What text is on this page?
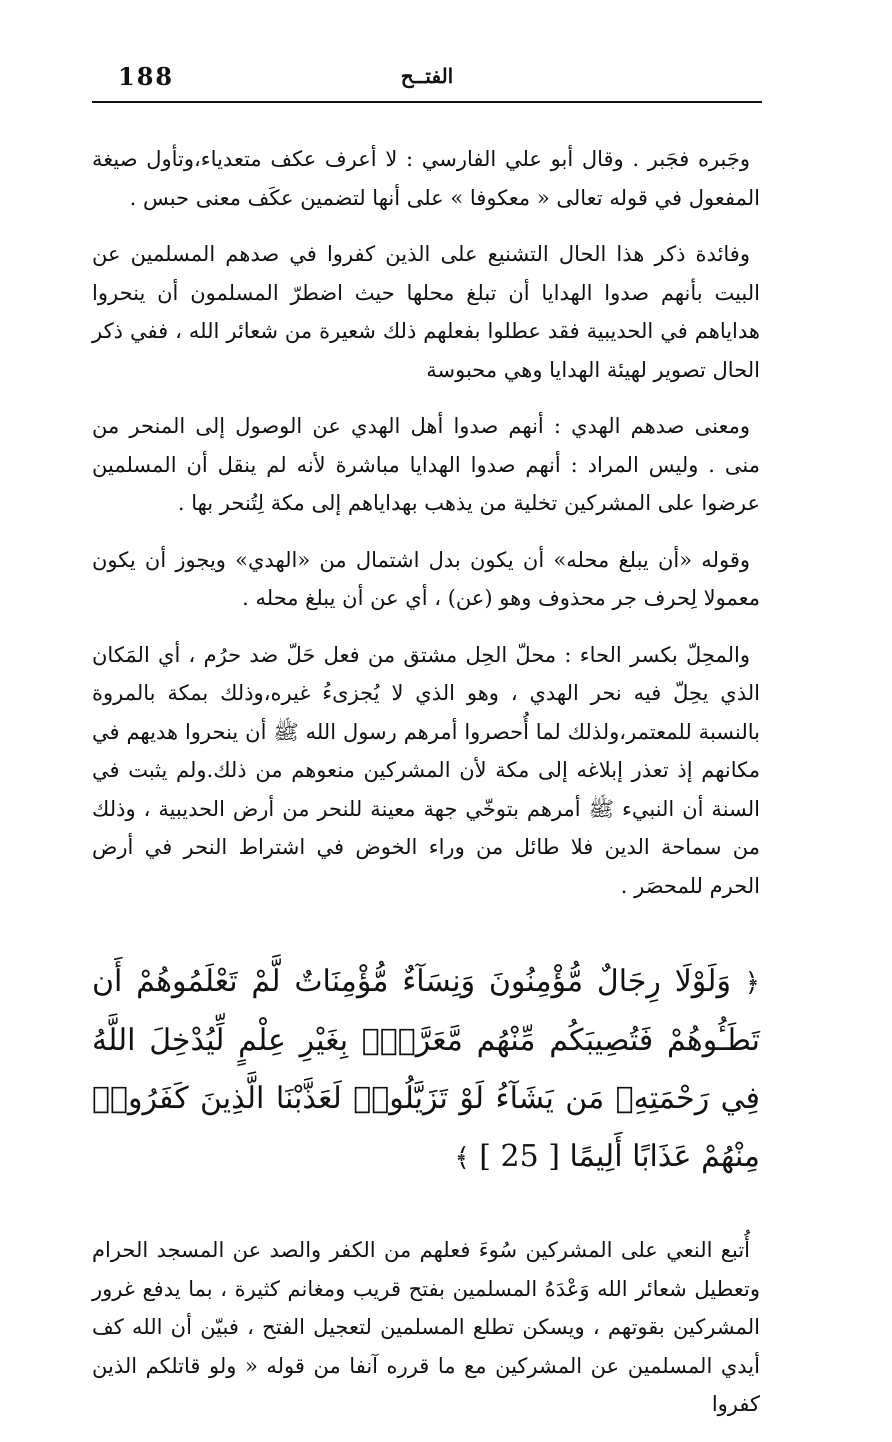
188	الفتــح

وجَبره فجَبر . وقال أبو علي الفارسي : لا أعرف عكف متعدياء،وتأول صيغة المفعول في قوله تعالى « معكوفا » على أنها لتضمين عكَف معنى حبس .

وفائدة ذكر هذا الحال التشنيع على الذين كفروا في صدهم المسلمين عن البيت بأنهم صدوا الهدايا أن تبلغ محلها حيث اضطرّ المسلمون أن ينحروا هداياهم في الحديبية فقد عطلوا بفعلهم ذلك شعيرة من شعائر الله ، ففي ذكر الحال تصوير لهيئة الهدايا وهي محبوسة

ومعنى صدهم الهدي : أنهم صدوا أهل الهدي عن الوصول إلى المنحر من منى . وليس المراد : أنهم صدوا الهدايا مباشرة لأنه لم ينقل أن المسلمين عرضوا على المشركين تخلية من يذهب بهداياهم إلى مكة لِتُنحر بها .

وقوله «أن يبلغ محله» أن يكون بدل اشتمال من «الهدي» ويجوز أن يكون معمولا لِحرف جر محذوف وهو (عن) ، أي عن أن يبلغ محله .

والمحِلّ بكسر الحاء : محلّ الحِل مشتق من فعل حَلّ ضد حرُم ، أي المَكان الذي يحِلّ فيه نحر الهدي ، وهو الذي لا يُجزىءُ غيره،وذلك بمكة بالمروة بالنسبة للمعتمر،ولذلك لما أُحصروا أمرهم رسول الله ﷺ أن ينحروا هديهم في مكانهم إذ تعذر إبلاغه إلى مكة لأن المشركين منعوهم من ذلك.ولم يثبت في السنة أن النبيء ﷺ أمرهم بتوخّي جهة معينة للنحر من أرض الحديبية ، وذلك من سماحة الدين فلا طائل من وراء الخوض في اشتراط النحر في أرض الحرم للمحصَر .

﴿ وَلَوْلَا رِجَالٌ مُّؤْمِنُونَ وَنِسَآءٌ مُّؤْمِنَاتٌ لَّمْ تَعْلَمُوهُمْ أَن تَطَـُٔوهُمْ فَتُصِيبَكُم مِّنْهُم مَّعَرَّةٌۢ بِغَيْرِ عِلْمٍ لِّيُدْخِلَ اللَّهُ فِي رَحْمَتِهِۦ مَن يَشَآءُ لَوْ تَزَيَّلُوا۟ لَعَذَّبْنَا الَّذِينَ كَفَرُوا۟ مِنْهُمْ عَذَابًا أَلِيمًا [ 25 ] ﴾

أُتبع النعي على المشركين سُوءَ فعلهم من الكفر والصد عن المسجد الحرام وتعطيل شعائر الله وَعْدَهُ المسلمين بفتح قريب ومغانم كثيرة ، بما يدفع غرور المشركين بقوتهم ، ويسكن تطلع المسلمين لتعجيل الفتح ، فبيّن أن الله كف أيدي المسلمين عن المشركين مع ما قرره آنفا من قوله « ولو قاتلكم الذين كفروا
